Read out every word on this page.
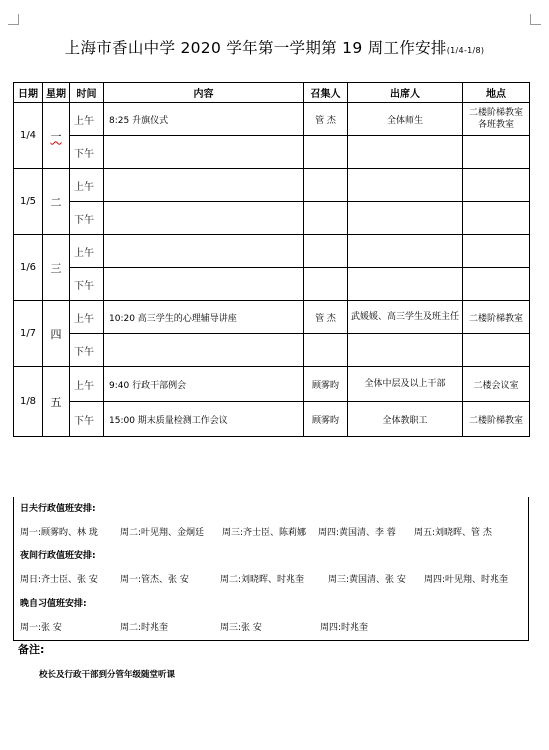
上海市香山中学 2020 学年第一学期第 19 周工作安排(1/4-1/8)
日期	星期	时间	内容	召集人	出席人	地点
1/4	一	上午	8:25 升旗仪式	管 杰	全体师生	二楼阶梯教室 各班教室
		下午				
1/5	二	上午				
		下午				
1/6	三	上午				
		下午				
1/7	四	上午	10:20 高三学生的心理辅导讲座	管 杰	武媛媛、高三学生及班主任	二楼阶梯教室
		下午				
1/8	五	上午	9:40 行政干部例会	顾雾昀	全体中层及以上干部	二楼会议室
		下午	15:00 期末质量检测工作会议	顾雾昀	全体教职工	二楼阶梯教室
日夫行政值班安排:
周一:顾雾昀、林 珑 周二:叶见翔、金炯廷 周三:齐士臣、陈莉娜 周四:黄国清、李 蓉 周五:刘晓晖、管 杰
夜间行政值班安排:
周日:齐士臣、张 安 周一:管杰、张 安	周二:刘晓晖、时兆奎	周三:黄国清、张 安 周四:叶见翔、时兆奎
晚自习值班安排:
周一:张 安	周二:时兆奎	周三:张 安	周四:时兆奎
备注:
校长及行政干部到分管年级随堂听课
